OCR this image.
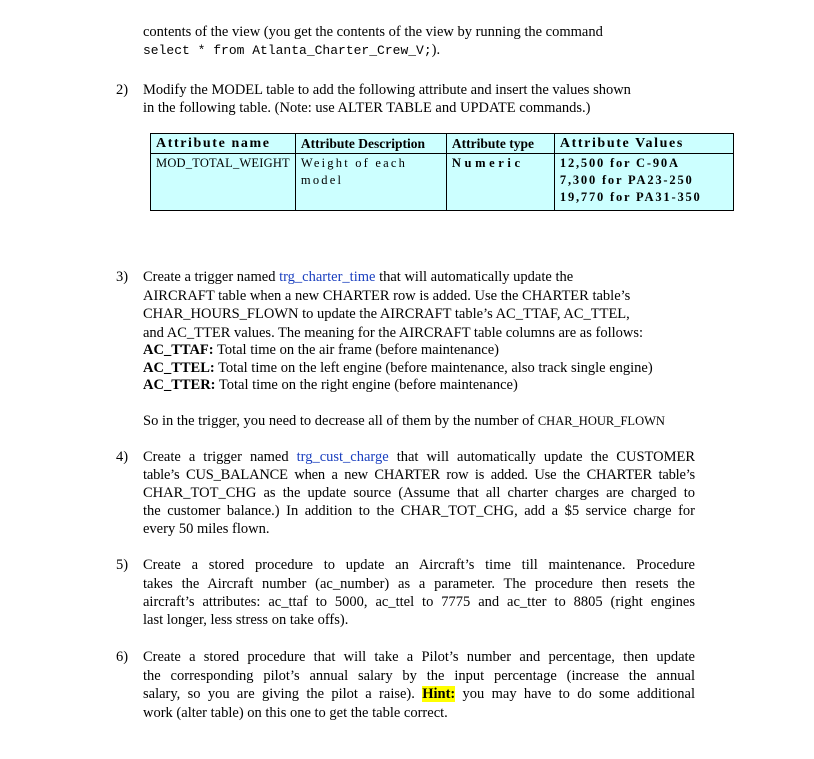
contents of the view (you get the contents of the view by running the command
select * from Atlanta_Charter_Crew_V;).
2) Modify the MODEL table to add the following attribute and insert the values shown
in the following table. (Note: use ALTER TABLE and UPDATE commands.)
Attribute name	Attribute Description	Attribute type	Attribute Values
MOD_TOTAL_WEIGHT	Weight of each model	Numeric	12,500 for C-90A
7,300 for PA23-250
19,770 for PA31-350
3) Create a trigger named trg_charter_time that will automatically update the
AIRCRAFT table when a new CHARTER row is added. Use the CHARTER table’s
CHAR_HOURS_FLOWN to update the AIRCRAFT table’s AC_TTAF, AC_TTEL,
and AC_TTER values. The meaning for the AIRCRAFT table columns are as follows:
AC_TTAF: Total time on the air frame (before maintenance)
AC_TTEL: Total time on the left engine (before maintenance, also track single engine)
AC_TTER: Total time on the right engine (before maintenance)
So in the trigger, you need to decrease all of them by the number of CHAR_HOUR_FLOWN
4) Create a trigger named trg_cust_charge that will automatically update the CUSTOMER
table’s CUS_BALANCE when a new CHARTER row is added. Use the CHARTER table’s
CHAR_TOT_CHG as the update source (Assume that all charter charges are charged to
the customer balance.) In addition to the CHAR_TOT_CHG, add a $5 service charge for
every 50 miles flown.
5) Create a stored procedure to update an Aircraft’s time till maintenance. Procedure
takes the Aircraft number (ac_number) as a parameter. The procedure then resets the
aircraft’s attributes: ac_ttaf to 5000, ac_ttel to 7775 and ac_tter to 8805 (right engines
last longer, less stress on take offs).
6) Create a stored procedure that will take a Pilot’s number and percentage, then update
the corresponding pilot’s annual salary by the input percentage (increase the annual
salary, so you are giving the pilot a raise). Hint: you may have to do some additional
work (alter table) on this one to get the table correct.
